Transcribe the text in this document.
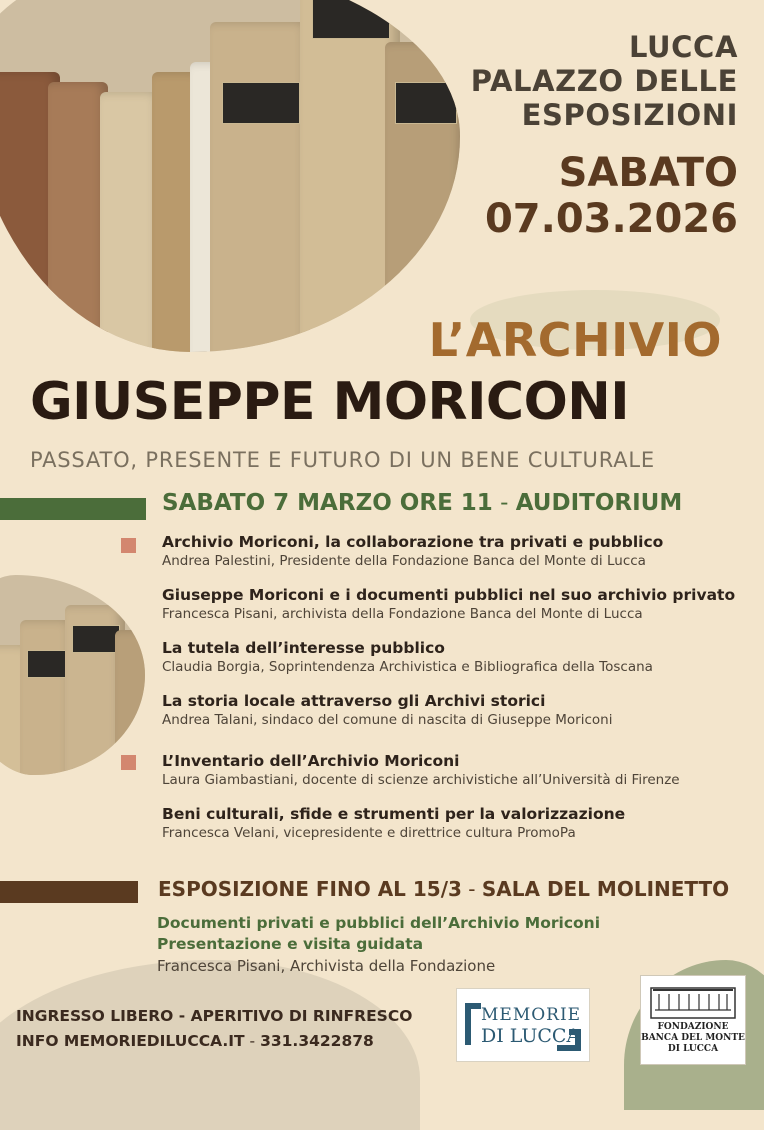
LUCCA
PALAZZO DELLE
ESPOSIZIONI
SABATO
07.03.2026
L’ARCHIVIO
GIUSEPPE MORICONI
PASSATO, PRESENTE E FUTURO DI UN BENE CULTURALE
SABATO 7 MARZO ORE 11 - AUDITORIUM
Archivio Moriconi, la collaborazione tra privati e pubblico
Andrea Palestini, Presidente della Fondazione Banca del Monte di Lucca
Giuseppe Moriconi e i documenti pubblici nel suo archivio privato
Francesca Pisani, archivista della Fondazione Banca del Monte di Lucca
La tutela dell’interesse pubblico
Claudia Borgia, Soprintendenza Archivistica e Bibliografica della Toscana
La storia locale attraverso gli Archivi storici
Andrea Talani, sindaco del comune di nascita di Giuseppe Moriconi
L’Inventario dell’Archivio Moriconi
Laura Giambastiani, docente di scienze archivistiche all’Università di Firenze
Beni culturali, sfide e strumenti per la valorizzazione
Francesca Velani, vicepresidente e direttrice cultura PromoPa
ESPOSIZIONE FINO AL 15/3 - SALA DEL MOLINETTO
Documenti privati e pubblici dell’Archivio Moriconi
Presentazione e visita guidata
Francesca Pisani, Archivista della Fondazione
INGRESSO LIBERO - APERITIVO DI RINFRESCO
INFO MEMORIEDILUCCA.IT - 331.3422878
MEMORIE
DI LUCCA	FONDAZIONE
BANCA DEL MONTE
DI LUCCA
